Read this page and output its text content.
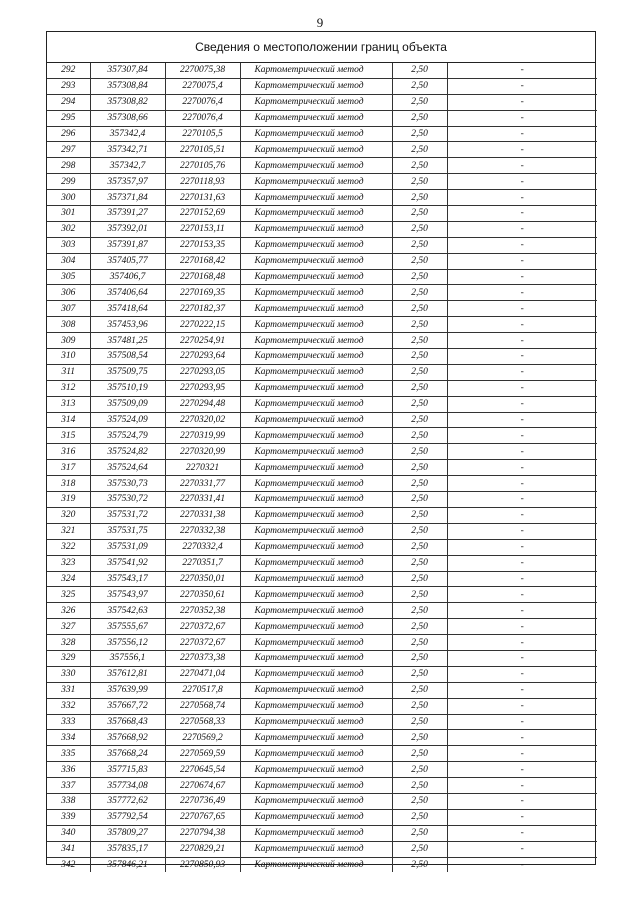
9
Сведения о местоположении границ объекта
292	357307,84	2270075,38	Картометрический метод	2,50	-
293	357308,84	2270075,4	Картометрический метод	2,50	-
294	357308,82	2270076,4	Картометрический метод	2,50	-
295	357308,66	2270076,4	Картометрический метод	2,50	-
296	357342,4	2270105,5	Картометрический метод	2,50	-
297	357342,71	2270105,51	Картометрический метод	2,50	-
298	357342,7	2270105,76	Картометрический метод	2,50	-
299	357357,97	2270118,93	Картометрический метод	2,50	-
300	357371,84	2270131,63	Картометрический метод	2,50	-
301	357391,27	2270152,69	Картометрический метод	2,50	-
302	357392,01	2270153,11	Картометрический метод	2,50	-
303	357391,87	2270153,35	Картометрический метод	2,50	-
304	357405,77	2270168,42	Картометрический метод	2,50	-
305	357406,7	2270168,48	Картометрический метод	2,50	-
306	357406,64	2270169,35	Картометрический метод	2,50	-
307	357418,64	2270182,37	Картометрический метод	2,50	-
308	357453,96	2270222,15	Картометрический метод	2,50	-
309	357481,25	2270254,91	Картометрический метод	2,50	-
310	357508,54	2270293,64	Картометрический метод	2,50	-
311	357509,75	2270293,05	Картометрический метод	2,50	-
312	357510,19	2270293,95	Картометрический метод	2,50	-
313	357509,09	2270294,48	Картометрический метод	2,50	-
314	357524,09	2270320,02	Картометрический метод	2,50	-
315	357524,79	2270319,99	Картометрический метод	2,50	-
316	357524,82	2270320,99	Картометрический метод	2,50	-
317	357524,64	2270321	Картометрический метод	2,50	-
318	357530,73	2270331,77	Картометрический метод	2,50	-
319	357530,72	2270331,41	Картометрический метод	2,50	-
320	357531,72	2270331,38	Картометрический метод	2,50	-
321	357531,75	2270332,38	Картометрический метод	2,50	-
322	357531,09	2270332,4	Картометрический метод	2,50	-
323	357541,92	2270351,7	Картометрический метод	2,50	-
324	357543,17	2270350,01	Картометрический метод	2,50	-
325	357543,97	2270350,61	Картометрический метод	2,50	-
326	357542,63	2270352,38	Картометрический метод	2,50	-
327	357555,67	2270372,67	Картометрический метод	2,50	-
328	357556,12	2270372,67	Картометрический метод	2,50	-
329	357556,1	2270373,38	Картометрический метод	2,50	-
330	357612,81	2270471,04	Картометрический метод	2,50	-
331	357639,99	2270517,8	Картометрический метод	2,50	-
332	357667,72	2270568,74	Картометрический метод	2,50	-
333	357668,43	2270568,33	Картометрический метод	2,50	-
334	357668,92	2270569,2	Картометрический метод	2,50	-
335	357668,24	2270569,59	Картометрический метод	2,50	-
336	357715,83	2270645,54	Картометрический метод	2,50	-
337	357734,08	2270674,67	Картометрический метод	2,50	-
338	357772,62	2270736,49	Картометрический метод	2,50	-
339	357792,54	2270767,65	Картометрический метод	2,50	-
340	357809,27	2270794,38	Картометрический метод	2,50	-
341	357835,17	2270829,21	Картометрический метод	2,50	-
342	357846,21	2270850,93	Картометрический метод	2,50	-
